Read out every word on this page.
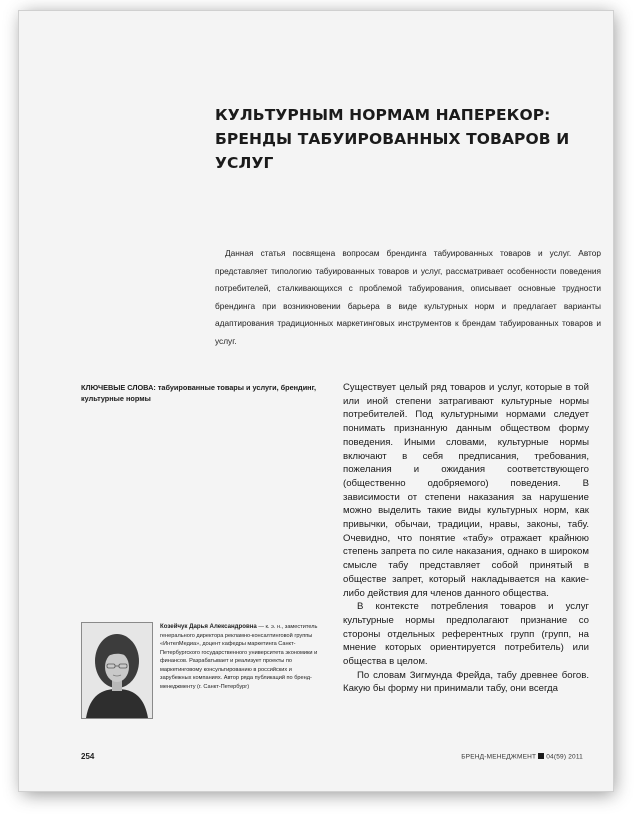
КУЛЬТУРНЫМ НОРМАМ НАПЕРЕКОР: БРЕНДЫ ТАБУИРОВАННЫХ ТОВАРОВ И УСЛУГ

Данная статья посвящена вопросам брендинга табуированных товаров и услуг. Автор представляет типологию табуированных товаров и услуг, рассматривает особенности поведения потребителей, сталкивающихся с проблемой табуирования, описывает основные трудности брендинга при возникновении барьера в виде культурных норм и предлагает варианты адаптирования традиционных маркетинговых инструментов к брендам табуированных товаров и услуг.

КЛЮЧЕВЫЕ СЛОВА: табуированные товары и услуги, брендинг, культурные нормы

Существует целый ряд товаров и услуг, которые в той или иной степени затрагивают культурные нормы потребителей. Под культурными нормами следует понимать признанную данным обществом форму поведения. Иными словами, культурные нормы включают в себя предписания, требования, пожелания и ожидания соответствующего (общественно одобряемого) поведения. В зависимости от степени наказания за нарушение можно выделить такие виды культурных норм, как привычки, обычаи, традиции, нравы, законы, табу. Очевидно, что понятие «табу» отражает крайнюю степень запрета по силе наказания, однако в широком смысле табу представляет собой принятый в обществе запрет, который накладывается на какие-либо действия для членов данного общества.

В контексте потребления товаров и услуг культурные нормы предполагают признание со стороны отдельных референтных групп (групп, на мнение которых ориентируется потребитель) или общества в целом.

По словам Зигмунда Фрейда, табу древнее богов. Какую бы форму ни принимали табу, они всегда

Козейчук Дарья Александровна — к. э. н., заместитель генерального директора рекламно-консалтинговой группы «ИнтелМедиа», доцент кафедры маркетинга Санкт-Петербургского государственного университета экономики и финансов. Разрабатывает и реализует проекты по маркетинговому консультированию в российских и зарубежных компаниях. Автор ряда публикаций по бренд-менеджменту (г. Санкт-Петербург)

254	БРЕНД-МЕНЕДЖМЕНТ 04(59) 2011
